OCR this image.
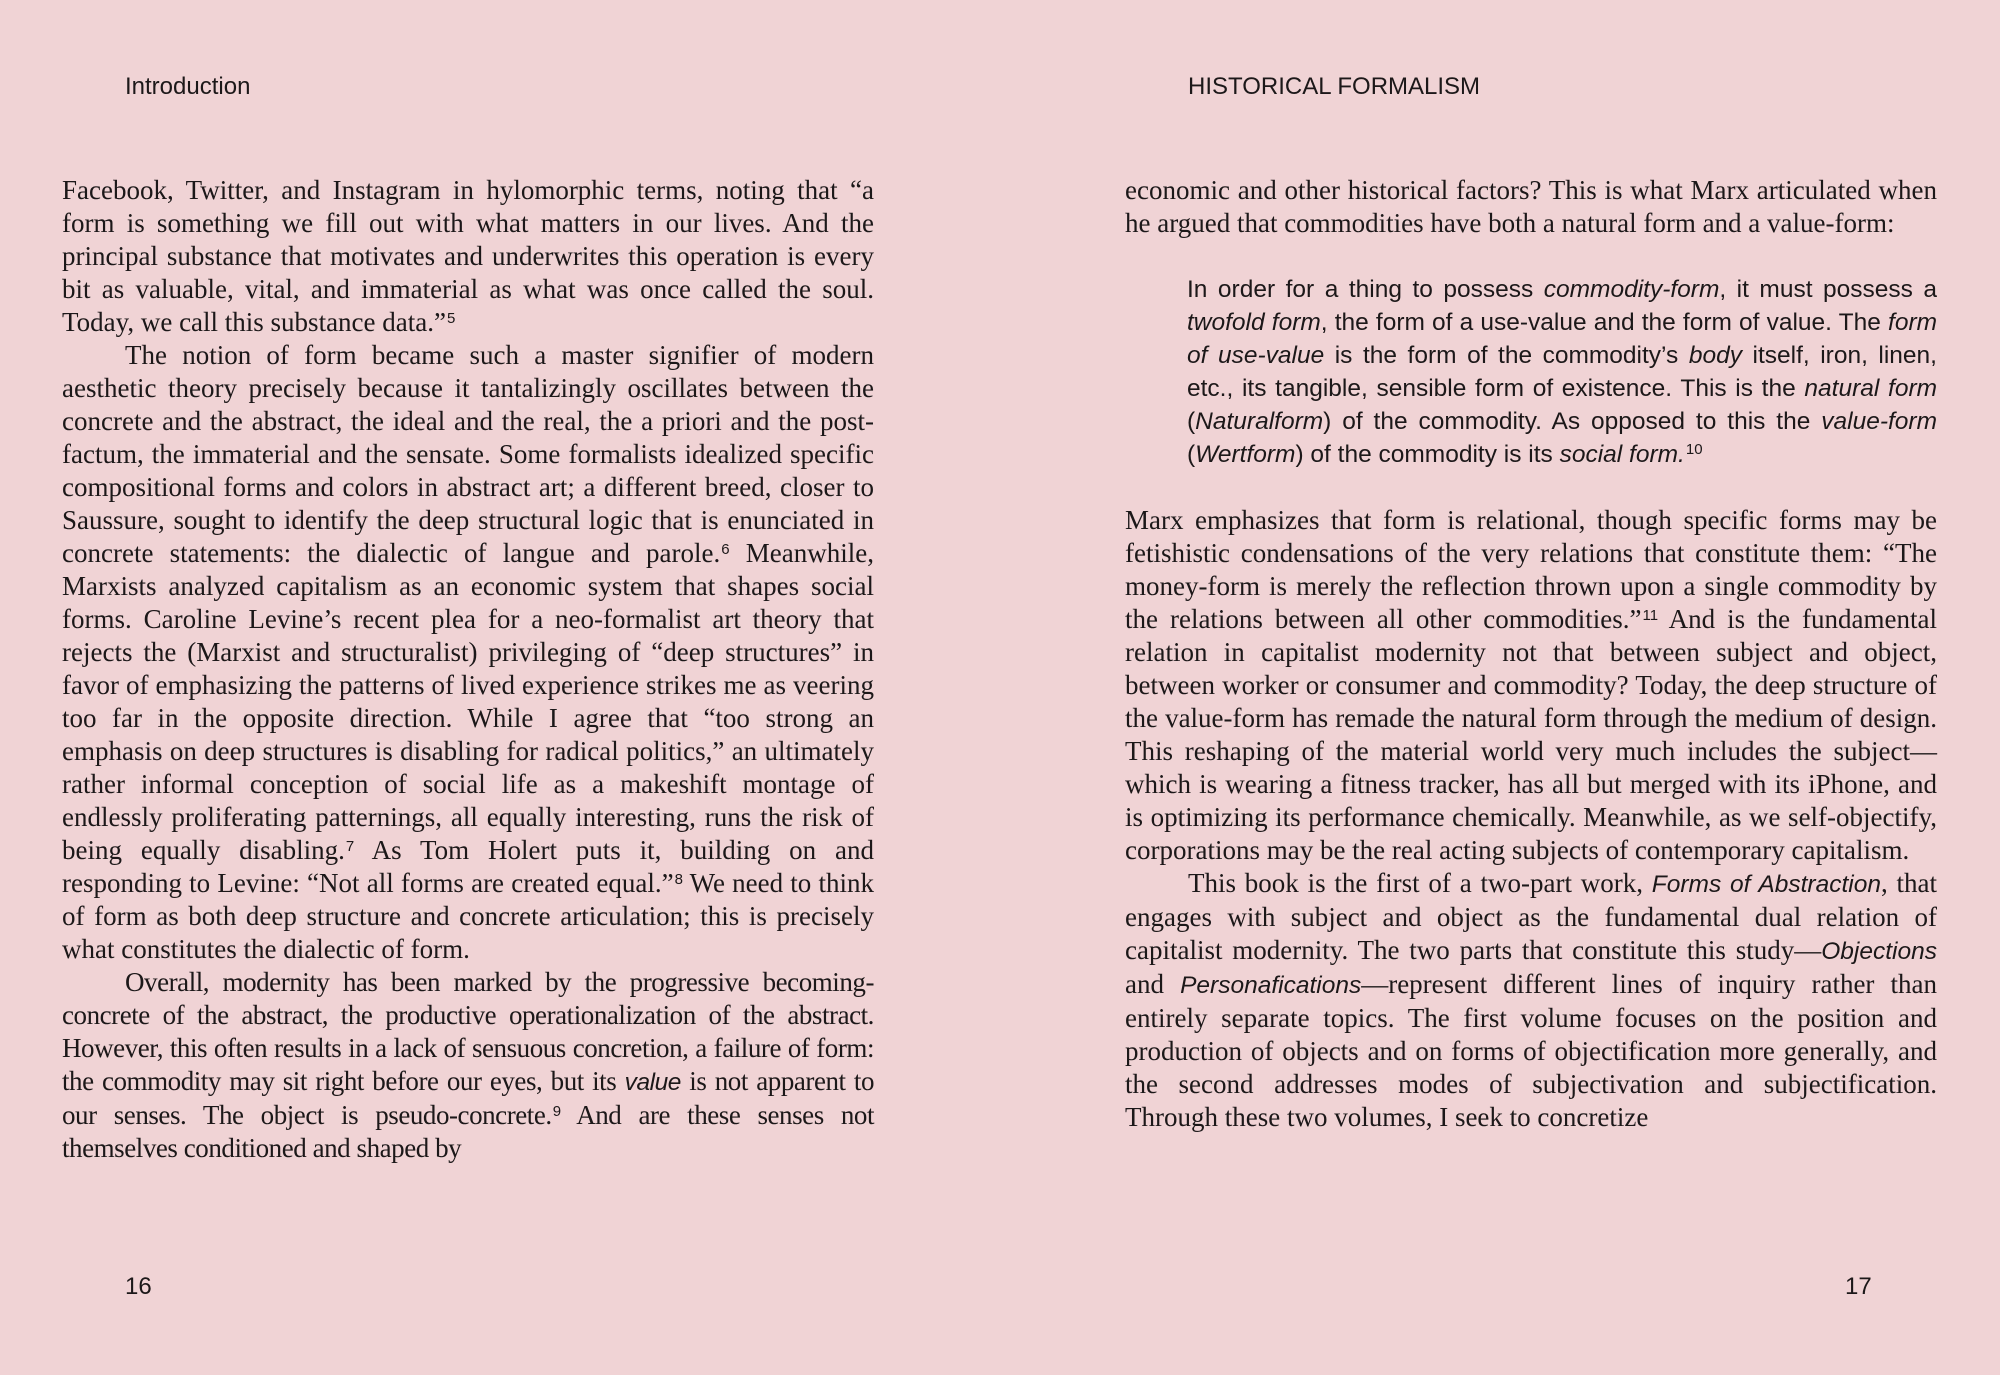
Introduction

Facebook, Twitter, and Instagram in hylomorphic terms, noting that “a form is something we fill out with what matters in our lives. And the principal substance that motivates and underwrites this operation is every bit as valuable, vital, and immaterial as what was once called the soul. Today, we call this substance data.”$^5$

The notion of form became such a master signifier of modern aesthetic theory precisely because it tantalizingly oscillates between the concrete and the abstract, the ideal and the real, the a priori and the post-factum, the immaterial and the sensate. Some formalists idealized specific compositional forms and colors in abstract art; a different breed, closer to Saussure, sought to identify the deep structural logic that is enunciated in concrete statements: the dialectic of langue and parole.$^6$ Meanwhile, Marxists analyzed capitalism as an economic system that shapes social forms. Caroline Levine’s recent plea for a neo-formalist art theory that rejects the (Marxist and structuralist) privileging of “deep structures” in favor of emphasizing the patterns of lived experience strikes me as veering too far in the opposite direction. While I agree that “too strong an emphasis on deep structures is disabling for radical politics,” an ultimately rather informal conception of social life as a makeshift montage of endlessly proliferating patternings, all equally interesting, runs the risk of being equally disabling.$^7$ As Tom Holert puts it, building on and responding to Levine: “Not all forms are created equal.”$^8$ We need to think of form as both deep structure and concrete articulation; this is precisely what constitutes the dialectic of form.

Overall, modernity has been marked by the progressive becoming-concrete of the abstract, the productive operationalization of the abstract. However, this often results in a lack of sensuous concretion, a failure of form: the commodity may sit right before our eyes, but its value is not apparent to our senses. The object is pseudo-concrete.$^9$ And are these senses not themselves conditioned and shaped by

16
HISTORICAL FORMALISM

economic and other historical factors? This is what Marx articulated when he argued that commodities have both a natural form and a value-form:

In order for a thing to possess commodity-form, it must possess a twofold form, the form of a use-value and the form of value. The form of use-value is the form of the commodity’s body itself, iron, linen, etc., its tangible, sensible form of existence. This is the natural form (Naturalform) of the commodity. As opposed to this the value-form (Wertform) of the commodity is its social form.$^{10}$

Marx emphasizes that form is relational, though specific forms may be fetishistic condensations of the very relations that constitute them: “The money-form is merely the reflection thrown upon a single commodity by the relations between all other commodities.”$^{11}$ And is the fundamental relation in capitalist modernity not that between subject and object, between worker or consumer and commodity? Today, the deep structure of the value-form has remade the natural form through the medium of design. This reshaping of the material world very much includes the subject—which is wearing a fitness tracker, has all but merged with its iPhone, and is optimizing its performance chemically. Meanwhile, as we self-objectify, corporations may be the real acting subjects of contemporary capitalism.

This book is the first of a two-part work, Forms of Abstraction, that engages with subject and object as the fundamental dual relation of capitalist modernity. The two parts that constitute this study—Objections and Personafications—represent different lines of inquiry rather than entirely separate topics. The first volume focuses on the position and production of objects and on forms of objectification more generally, and the second addresses modes of subjectivation and subjectification. Through these two volumes, I seek to concretize

17
